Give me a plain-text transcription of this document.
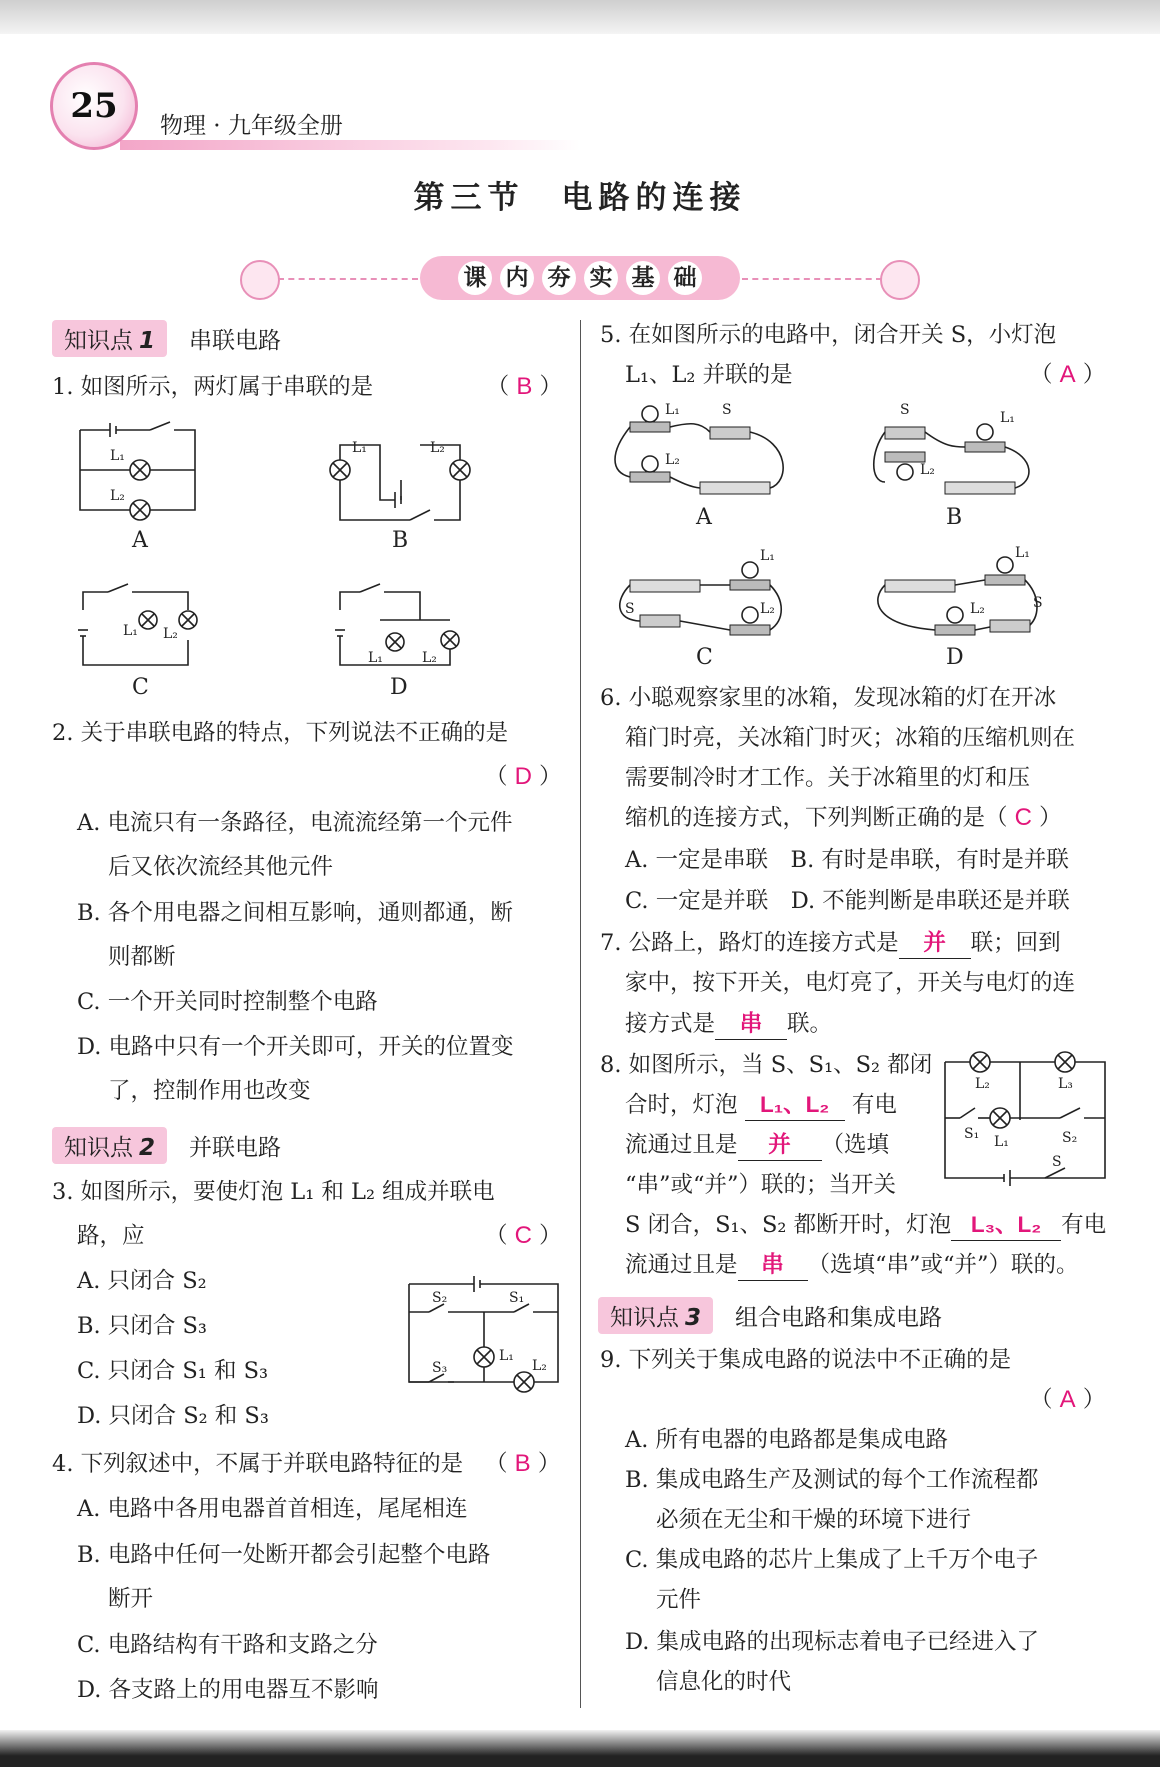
25 物理 · 九年级全册
第三节　电路的连接
课 内 夯 实 基 础
知识点 1	串联电路
1. 如图所示，两灯属于串联的是	（ B ）
L₁
L₂
L₁	L₂
L₁ L₂
L₁	L₂
A	B
C	D
2. 关于串联电路的特点，下列说法不正确的是
（ D ）
A. 电流只有一条路径，电流流经第一个元件
后又依次流经其他元件
B. 各个用电器之间相互影响，通则都通，断
则都断
C. 一个开关同时控制整个电路
D. 电路中只有一个开关即可，开关的位置变
了，控制作用也改变
知识点 2	并联电路
3. 如图所示，要使灯泡 L₁ 和 L₂ 组成并联电
路，应	（ C ）
A. 只闭合 S₂
B. 只闭合 S₃
C. 只闭合 S₁ 和 S₃
D. 只闭合 S₂ 和 S₃
S₂	S₁
S₃
L₁
L₂
4. 下列叙述中，不属于并联电路特征的是 （ B ）
A. 电路中各用电器首首相连，尾尾相连
B. 电路中任何一处断开都会引起整个电路
断开
C. 电路结构有干路和支路之分
D. 各支路上的用电器互不影响
5. 在如图所示的电路中，闭合开关 S，小灯泡
L₁、L₂ 并联的是	（ A ）
L₁	S
L₂
S	L₁
L₂
L₁
S	L₂
L₁
S
L₂
A	B
C	D
6. 小聪观察家里的冰箱，发现冰箱的灯在开冰
箱门时亮，关冰箱门时灭；冰箱的压缩机则在
需要制冷时才工作。关于冰箱里的灯和压
缩机的连接方式，下列判断正确的是（ C ）
A. 一定是串联　B. 有时是串联，有时是并联
C. 一定是并联　D. 不能判断是串联还是并联
7. 公路上，路灯的连接方式是 并 联；回到
家中，按下开关，电灯亮了，开关与电灯的连
接方式是 串 联。
8. 如图所示，当 S、S₁、S₂ 都闭
合时，灯泡 L₁、L₂ 有电
流通过且是 并 （选填
“串”或“并”）联的；当开关
S 闭合，S₁、S₂ 都断开时，灯泡 L₃、L₂ 有电
流通过且是 串 （选填“串”或“并”）联的。
L₂	L₃
S₁ L₁	S₂
S
知识点 3	组合电路和集成电路
9. 下列关于集成电路的说法中不正确的是
（ A ）
A. 所有电器的电路都是集成电路
B. 集成电路生产及测试的每个工作流程都
必须在无尘和干燥的环境下进行
C. 集成电路的芯片上集成了上千万个电子
元件
D. 集成电路的出现标志着电子已经进入了
信息化的时代
